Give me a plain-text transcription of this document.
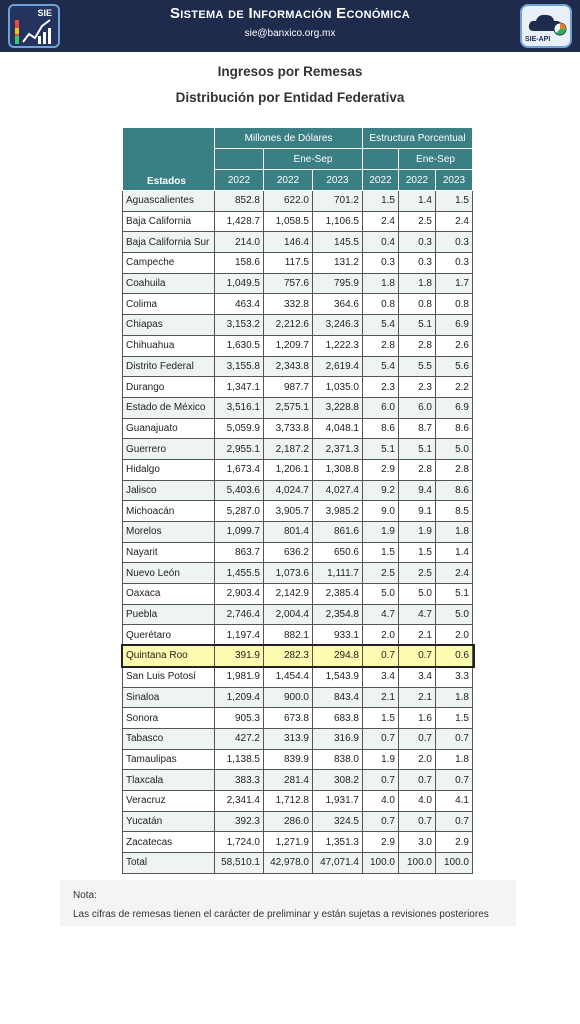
SIE	Sistema de Información Económica
sie@banxico.org.mx
SIE-API
Ingresos por Remesas
Distribución por Entidad Federativa
Estados	Millones de Dólares			Estructura Porcentual		
		Ene-Sep			Ene-Sep	
	2022	2022	2023	2022	2022	2023
Aguascalientes	852.8	622.0	701.2	1.5	1.4	1.5
Baja California	1,428.7	1,058.5	1,106.5	2.4	2.5	2.4
Baja California Sur	214.0	146.4	145.5	0.4	0.3	0.3
Campeche	158.6	117.5	131.2	0.3	0.3	0.3
Coahuila	1,049.5	757.6	795.9	1.8	1.8	1.7
Colima	463.4	332.8	364.6	0.8	0.8	0.8
Chiapas	3,153.2	2,212.6	3,246.3	5.4	5.1	6.9
Chihuahua	1,630.5	1,209.7	1,222.3	2.8	2.8	2.6
Distrito Federal	3,155.8	2,343.8	2,619.4	5.4	5.5	5.6
Durango	1,347.1	987.7	1,035.0	2.3	2.3	2.2
Estado de México	3,516.1	2,575.1	3,228.8	6.0	6.0	6.9
Guanajuato	5,059.9	3,733.8	4,048.1	8.6	8.7	8.6
Guerrero	2,955.1	2,187.2	2,371.3	5.1	5.1	5.0
Hidalgo	1,673.4	1,206.1	1,308.8	2.9	2.8	2.8
Jalisco	5,403.6	4,024.7	4,027.4	9.2	9.4	8.6
Michoacán	5,287.0	3,905.7	3,985.2	9.0	9.1	8.5
Morelos	1,099.7	801.4	861.6	1.9	1.9	1.8
Nayarit	863.7	636.2	650.6	1.5	1.5	1.4
Nuevo León	1,455.5	1,073.6	1,111.7	2.5	2.5	2.4
Oaxaca	2,903.4	2,142.9	2,385.4	5.0	5.0	5.1
Puebla	2,746.4	2,004.4	2,354.8	4.7	4.7	5.0
Querétaro	1,197.4	882.1	933.1	2.0	2.1	2.0
Quintana Roo	391.9	282.3	294.8	0.7	0.7	0.6
San Luis Potosí	1,981.9	1,454.4	1,543.9	3.4	3.4	3.3
Sinaloa	1,209.4	900.0	843.4	2.1	2.1	1.8
Sonora	905.3	673.8	683.8	1.5	1.6	1.5
Tabasco	427.2	313.9	316.9	0.7	0.7	0.7
Tamaulipas	1,138.5	839.9	838.0	1.9	2.0	1.8
Tlaxcala	383.3	281.4	308.2	0.7	0.7	0.7
Veracruz	2,341.4	1,712.8	1,931.7	4.0	4.0	4.1
Yucatán	392.3	286.0	324.5	0.7	0.7	0.7
Zacatecas	1,724.0	1,271.9	1,351.3	2.9	3.0	2.9
Total	58,510.1	42,978.0	47,071.4	100.0	100.0	100.0
Nota:
Las cifras de remesas tienen el carácter de preliminar y están sujetas a revisiones posteriores
